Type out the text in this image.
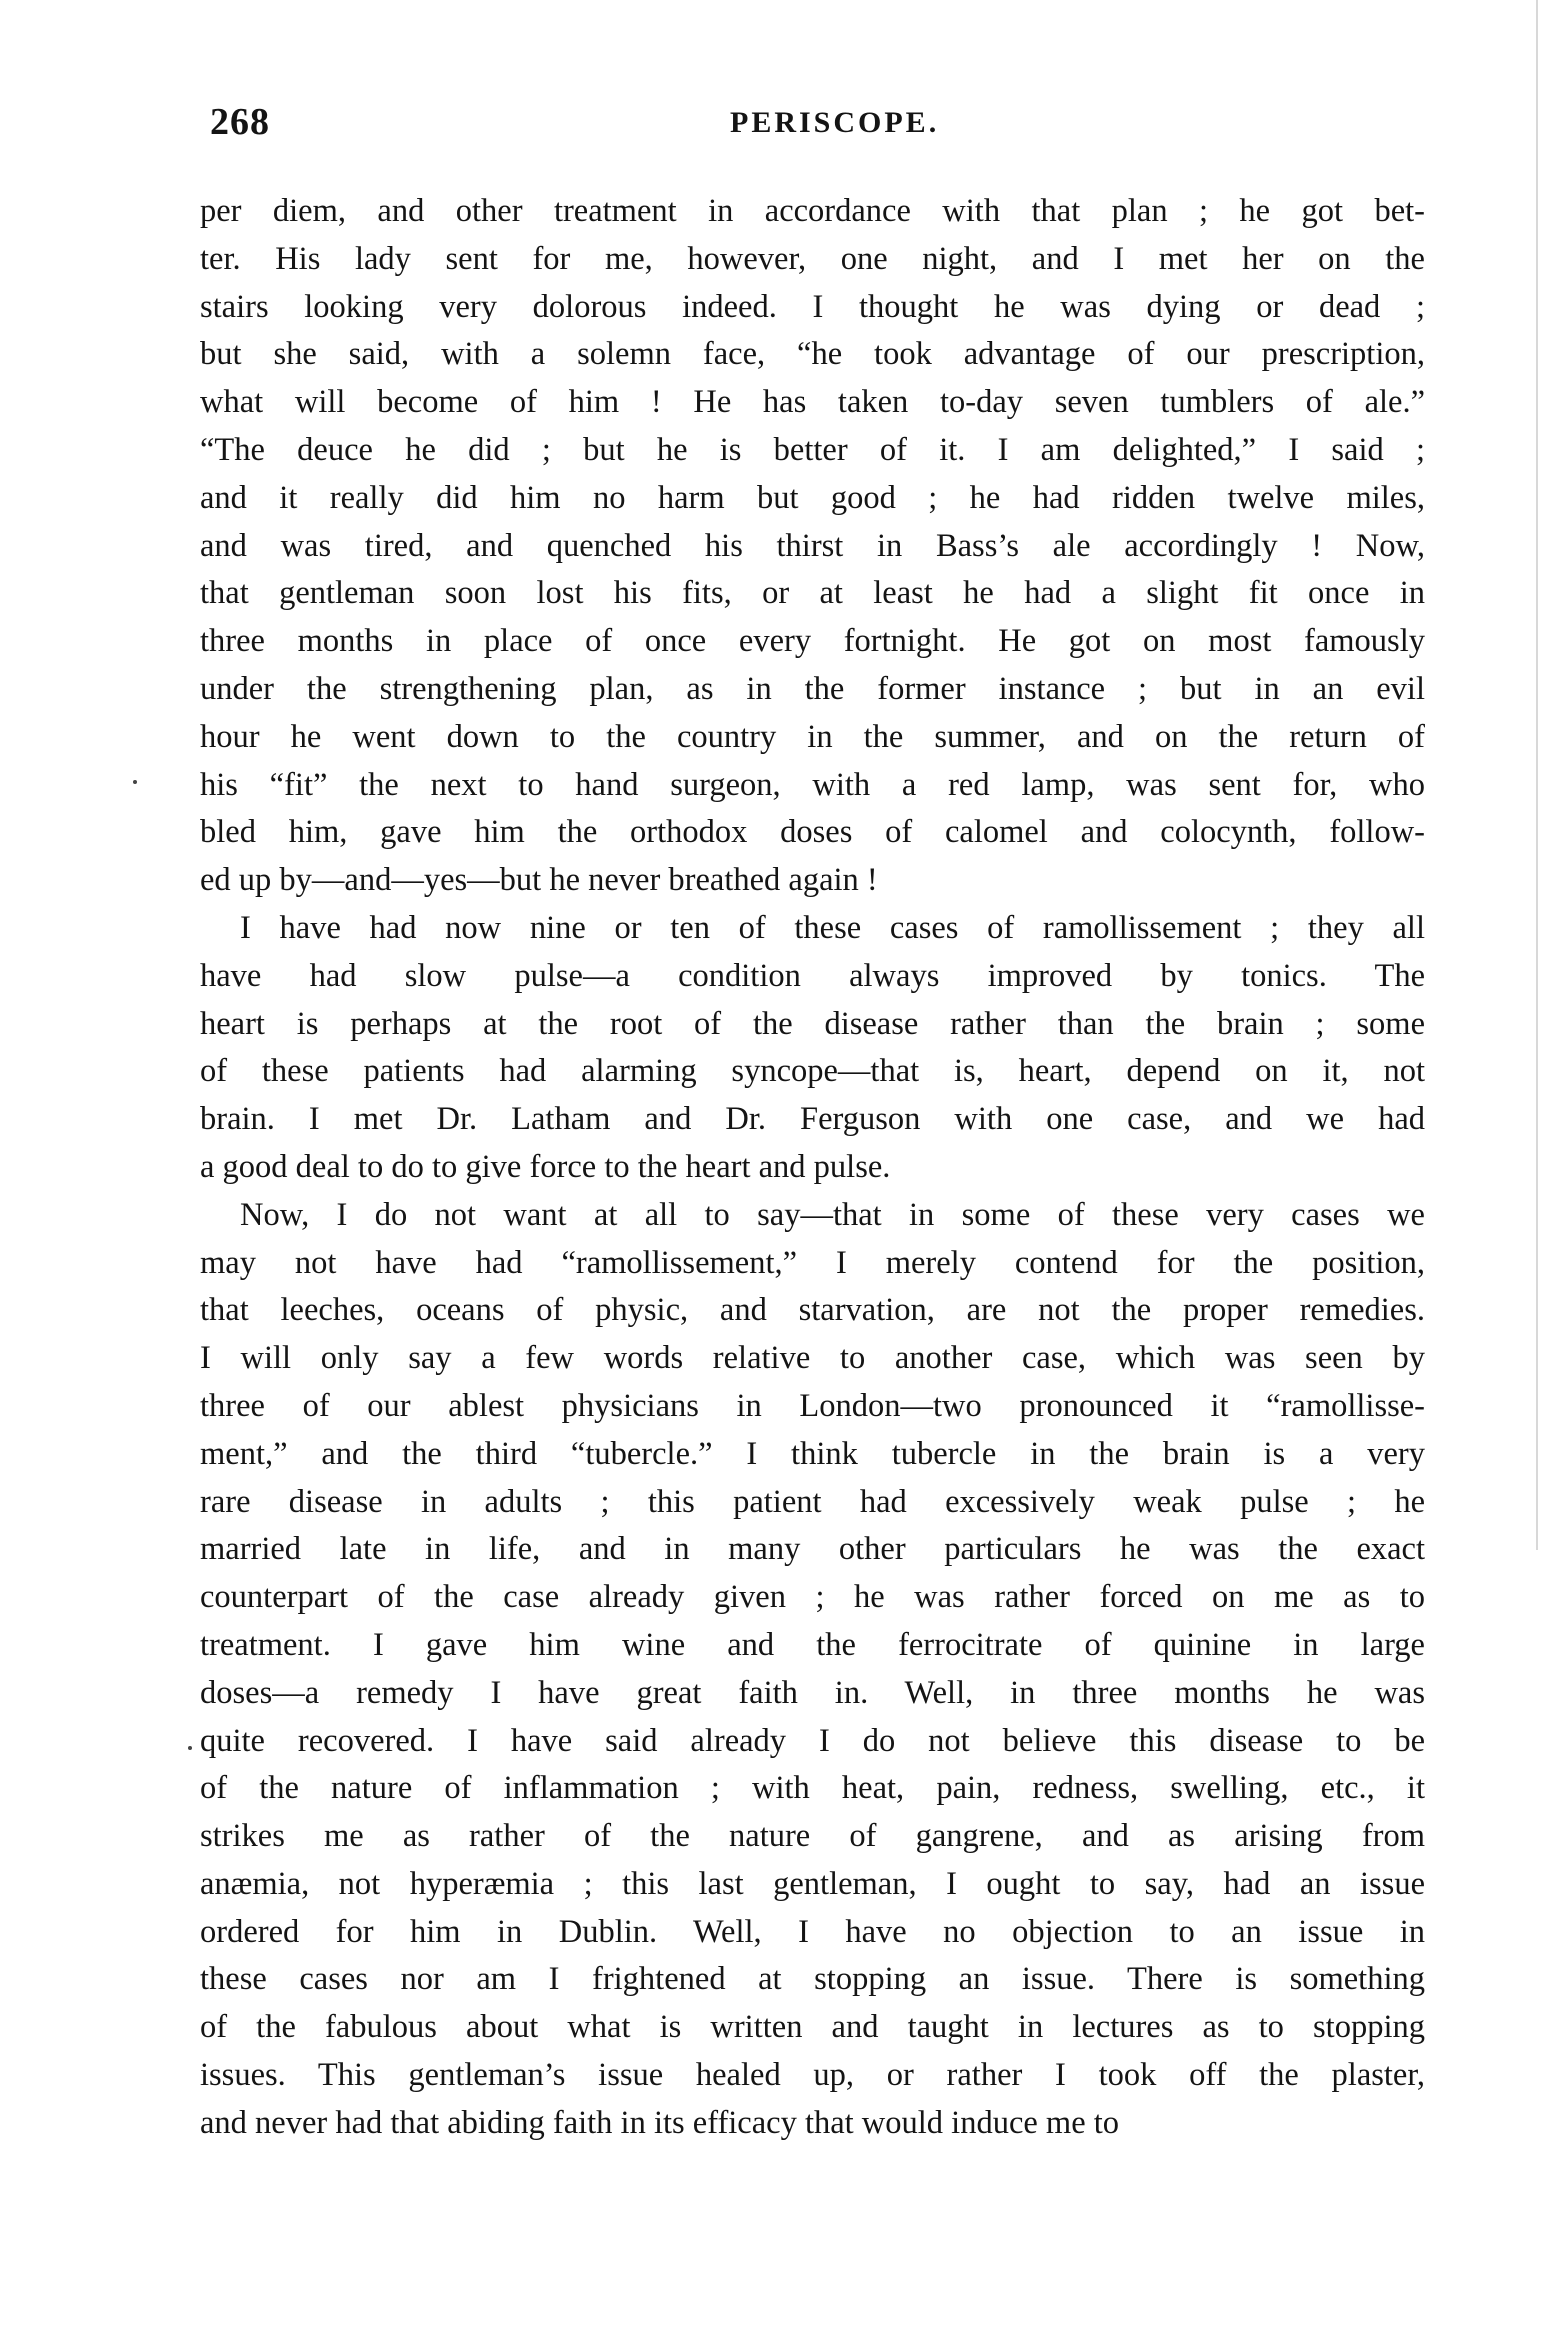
268	PERISCOPE.
per diem, and other treatment in accordance with that plan ; he got bet-
ter. His lady sent for me, however, one night, and I met her on the
stairs looking very dolorous indeed. I thought he was dying or dead ;
but she said, with a solemn face, “he took advantage of our prescription,
what will become of him ! He has taken to-day seven tumblers of ale.”
“The deuce he did ; but he is better of it. I am delighted,” I said ;
and it really did him no harm but good ; he had ridden twelve miles,
and was tired, and quenched his thirst in Bass’s ale accordingly ! Now,
that gentleman soon lost his fits, or at least he had a slight fit once in
three months in place of once every fortnight. He got on most famously
under the strengthening plan, as in the former instance ; but in an evil
hour he went down to the country in the summer, and on the return of
his “fit” the next to hand surgeon, with a red lamp, was sent for, who
bled him, gave him the orthodox doses of calomel and colocynth, follow-
ed up by—and—yes—but he never breathed again !
I have had now nine or ten of these cases of ramollissement ; they all
have had slow pulse—a condition always improved by tonics. The
heart is perhaps at the root of the disease rather than the brain ; some
of these patients had alarming syncope—that is, heart, depend on it, not
brain. I met Dr. Latham and Dr. Ferguson with one case, and we had
a good deal to do to give force to the heart and pulse.
Now, I do not want at all to say—that in some of these very cases we
may not have had “ramollissement,” I merely contend for the position,
that leeches, oceans of physic, and starvation, are not the proper remedies.
I will only say a few words relative to another case, which was seen by
three of our ablest physicians in London—two pronounced it “ramollisse-
ment,” and the third “tubercle.” I think tubercle in the brain is a very
rare disease in adults ; this patient had excessively weak pulse ; he
married late in life, and in many other particulars he was the exact
counterpart of the case already given ; he was rather forced on me as to
treatment. I gave him wine and the ferrocitrate of quinine in large
doses—a remedy I have great faith in. Well, in three months he was
quite recovered. I have said already I do not believe this disease to be
of the nature of inflammation ; with heat, pain, redness, swelling, etc., it
strikes me as rather of the nature of gangrene, and as arising from
anæmia, not hyperæmia ; this last gentleman, I ought to say, had an issue
ordered for him in Dublin. Well, I have no objection to an issue in
these cases nor am I frightened at stopping an issue. There is something
of the fabulous about what is written and taught in lectures as to stopping
issues. This gentleman’s issue healed up, or rather I took off the plaster,
and never had that abiding faith in its efficacy that would induce me to
